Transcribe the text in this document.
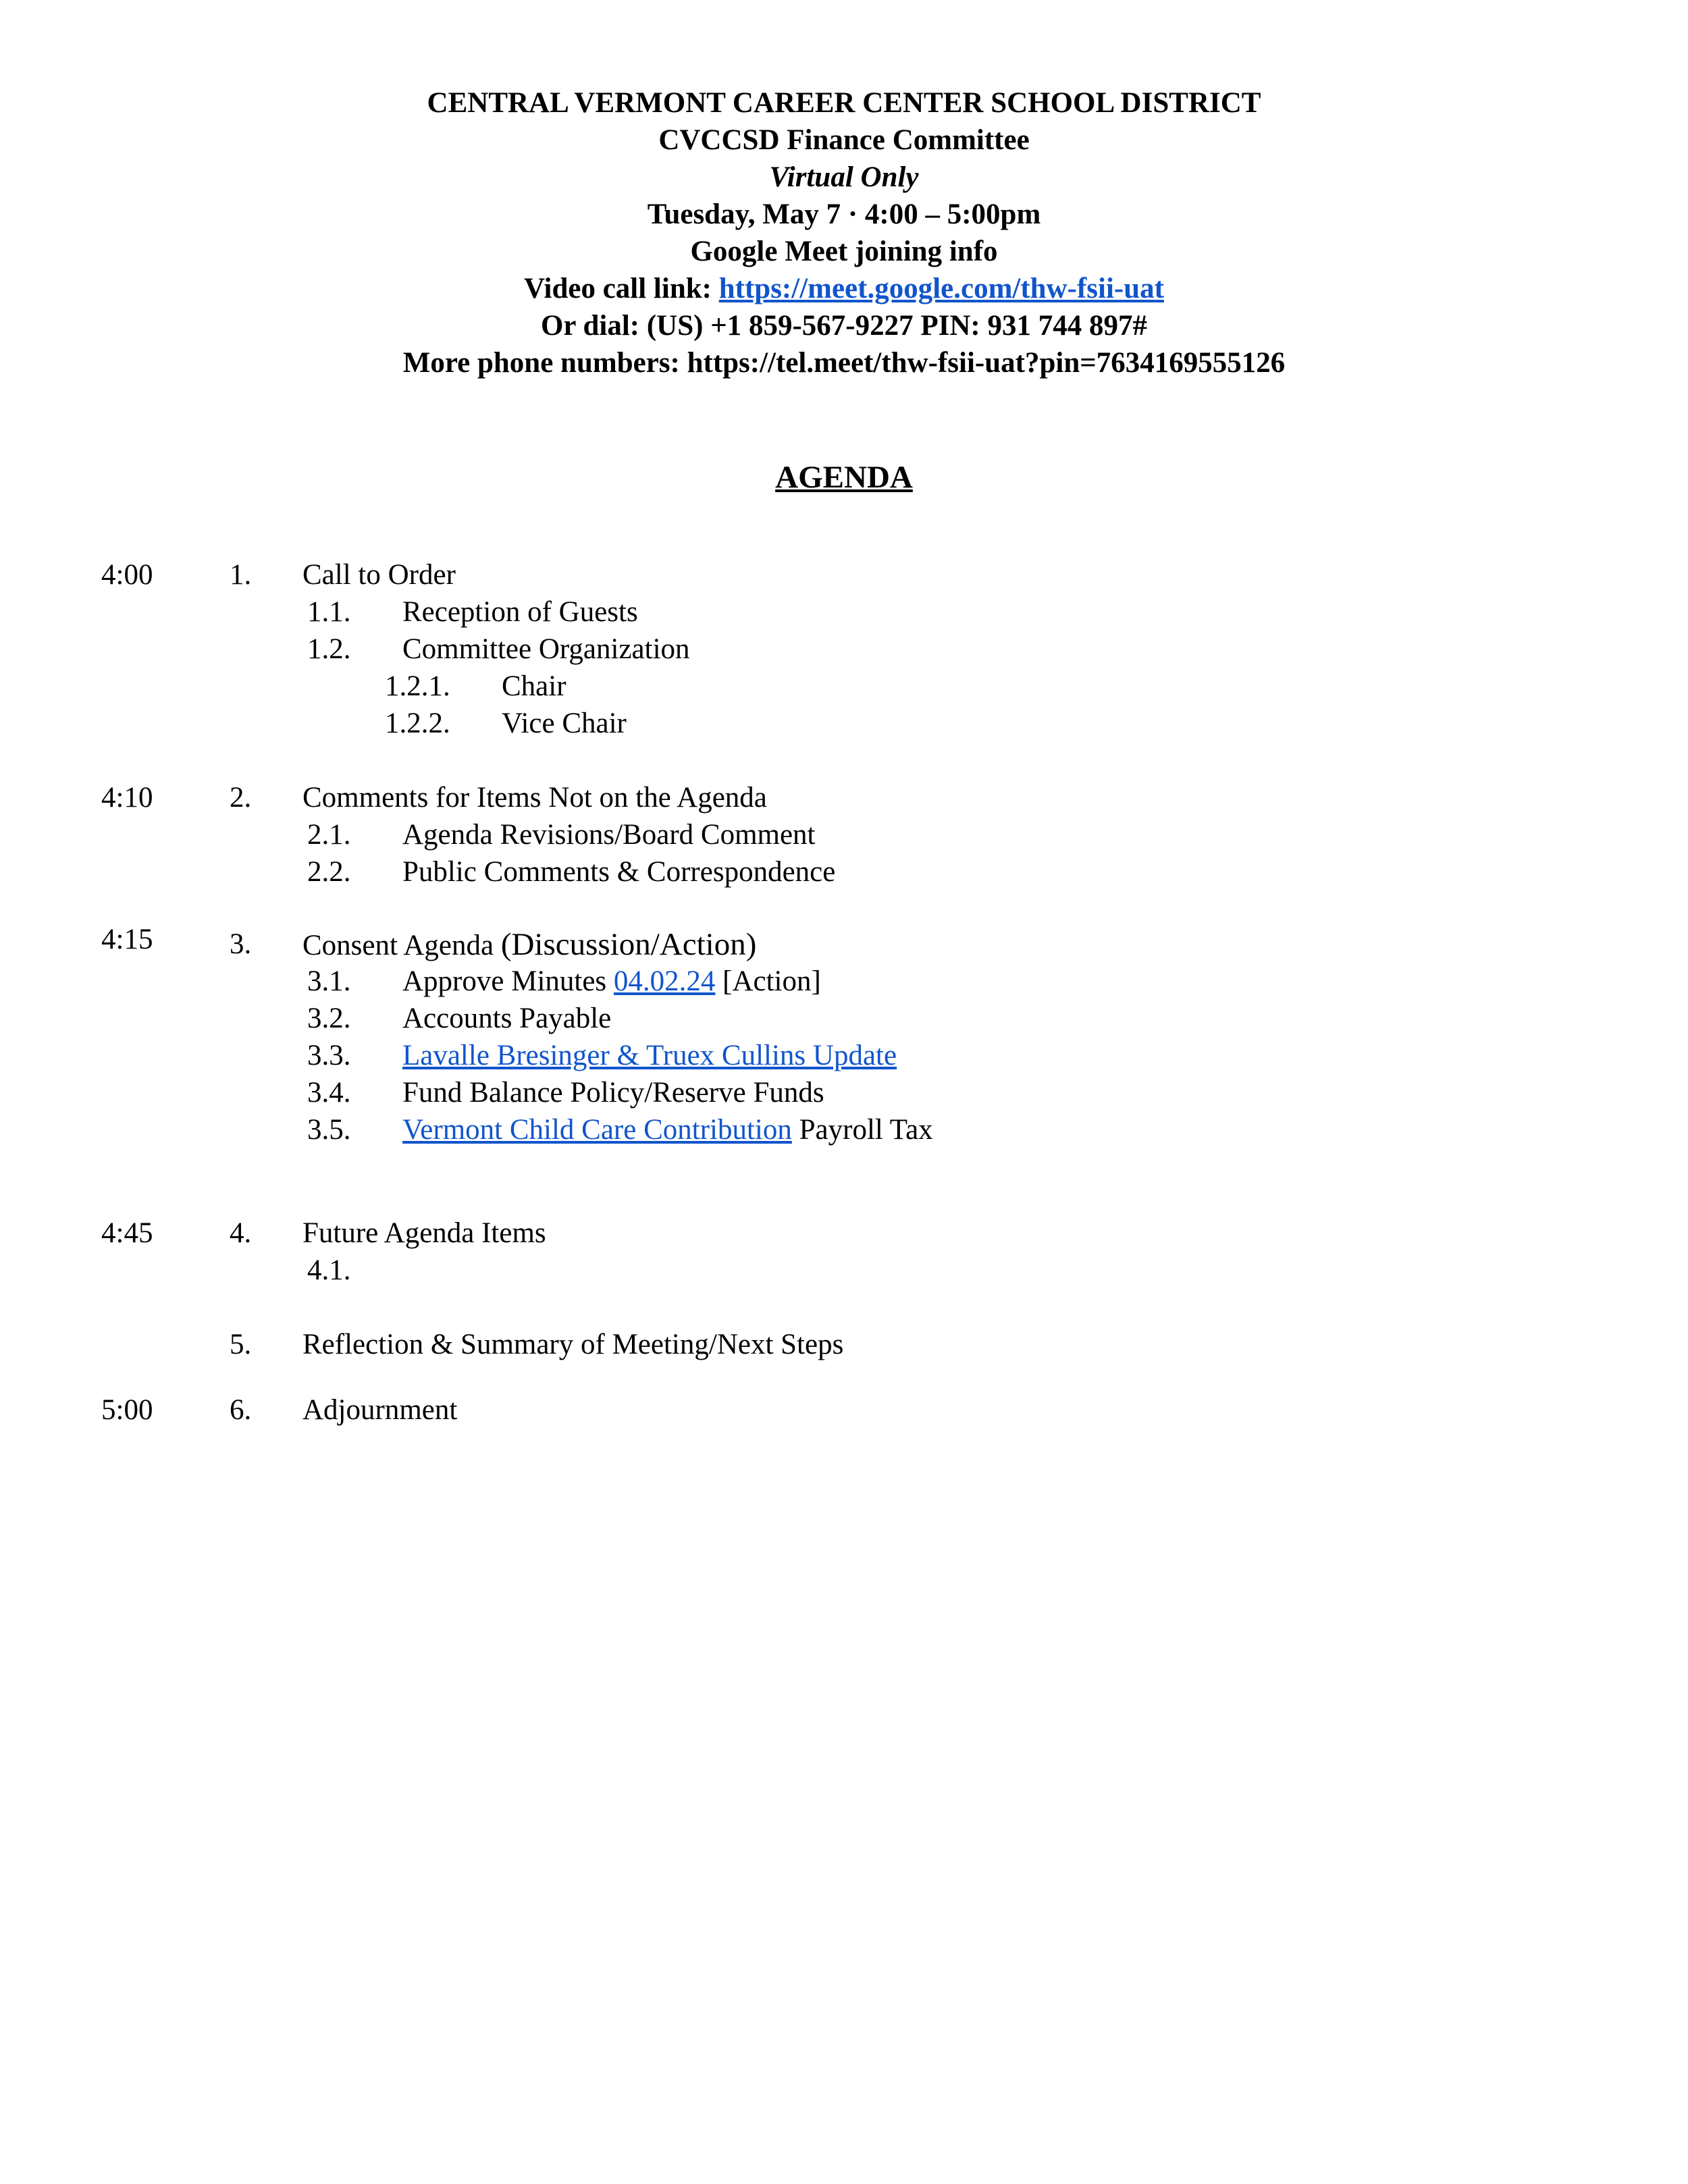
CENTRAL VERMONT CAREER CENTER SCHOOL DISTRICT
CVCCSD Finance Committee
Virtual Only
Tuesday, May 7 · 4:00 – 5:00pm
Google Meet joining info
Video call link: https://meet.google.com/thw-fsii-uat
Or dial: (US) +1 859-567-9227 PIN: 931 744 897#
More phone numbers: https://tel.meet/thw-fsii-uat?pin=7634169555126
AGENDA
4:00	1. Call to Order
1.1. Reception of Guests
1.2. Committee Organization
1.2.1. Chair
1.2.2. Vice Chair
4:10	2. Comments for Items Not on the Agenda
2.1. Agenda Revisions/Board Comment
2.2. Public Comments & Correspondence
4:15	3. Consent Agenda (Discussion/Action)
3.1. Approve Minutes 04.02.24 [Action]
3.2. Accounts Payable
3.3. Lavalle Bresinger & Truex Cullins Update
3.4. Fund Balance Policy/Reserve Funds
3.5. Vermont Child Care Contribution Payroll Tax
4:45	4. Future Agenda Items
4.1.
5. Reflection & Summary of Meeting/Next Steps
5:00	6. Adjournment
